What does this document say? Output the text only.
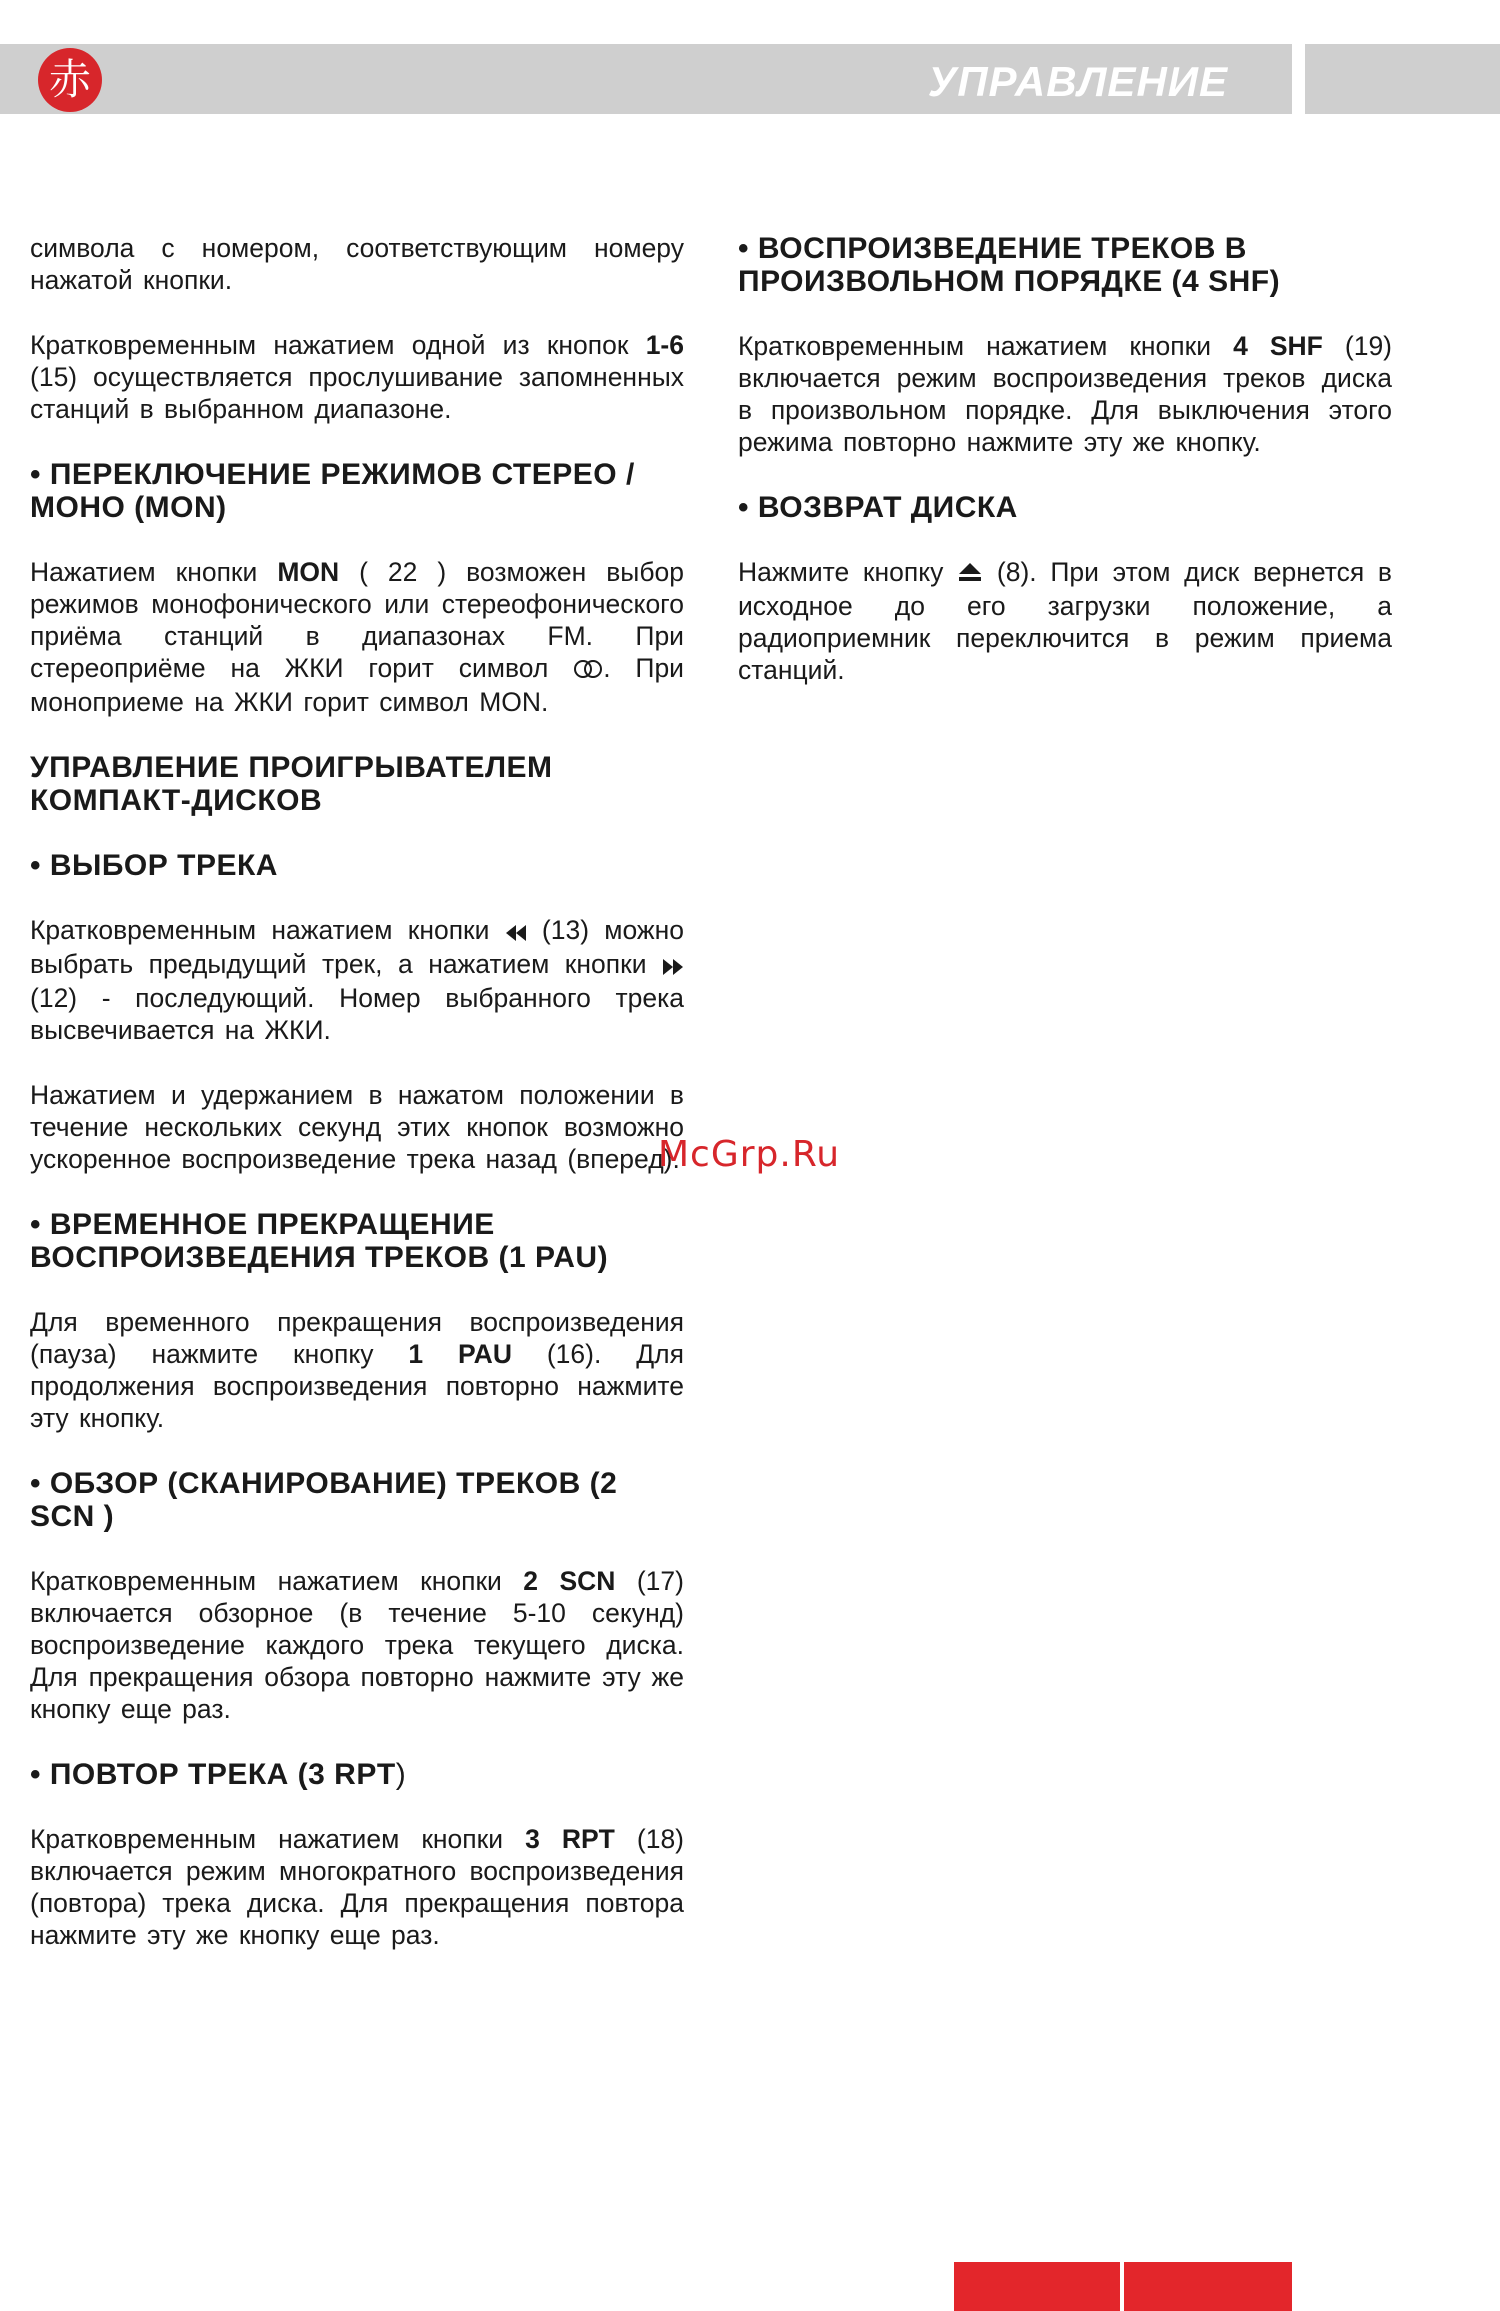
赤	УПРАВЛЕНИЕ

символа с номером, соответствующим номеру нажатой кнопки.

Кратковременным нажатием одной из кнопок 1-6 (15) осуществляется прослушивание запомненных станций в выбранном диапазоне.

• ПЕРЕКЛЮЧЕНИЕ РЕЖИМОВ СТЕРЕО / МОНО (MON)

Нажатием кнопки MON ( 22 ) возможен выбор режимов монофонического или стереофонического приёма станций в диапазонах FM. При стереоприёме на ЖКИ горит символ . При моноприеме на ЖКИ горит символ MON.

УПРАВЛЕНИЕ ПРОИГРЫВАТЕЛЕМ КОМПАКТ-ДИСКОВ
• ВЫБОР ТРЕКА

Кратковременным нажатием кнопки (13) можно выбрать предыдущий трек, а нажатием кнопки  (12) - последующий. Номер выбранного трека высвечивается на ЖКИ.

Нажатием и удержанием в нажатом положении в течение нескольких секунд этих кнопок возможно ускоренное воспроизведение трека назад (вперед).

• ВРЕМЕННОЕ ПРЕКРАЩЕНИЕ ВОСПРОИЗВЕДЕНИЯ ТРЕКОВ (1 PAU)

Для временного прекращения воспроизведения (пауза) нажмите кнопку 1 PAU (16). Для продолжения воспроизведения повторно нажмите эту кнопку.

• ОБЗОР (СКАНИРОВАНИЕ) ТРЕКОВ (2 SCN )

Кратковременным нажатием кнопки 2 SCN (17) включается обзорное (в течение 5-10 секунд) воспроизведение каждого трека текущего диска. Для прекращения обзора повторно нажмите эту же кнопку еще раз.

• ПОВТОР ТРЕКА (3 RPT)

Кратковременным нажатием кнопки 3 RPT (18) включается режим многократного воспроизведения (повтора) трека диска. Для прекращения повтора нажмите эту же кнопку еще раз.

• ВОСПРОИЗВЕДЕНИЕ ТРЕКОВ В ПРОИЗВОЛЬНОМ ПОРЯДКЕ (4 SHF)

Кратковременным нажатием кнопки 4 SHF (19) включается режим воспроизведения треков диска в произвольном порядке. Для выключения этого режима повторно нажмите эту же кнопку.

• ВОЗВРАТ ДИСКА

Нажмите кнопку (8). При этом диск вернется в исходное до его загрузки положение, а радиоприемник переключится в режим приема станций.

McGrp.Ru
